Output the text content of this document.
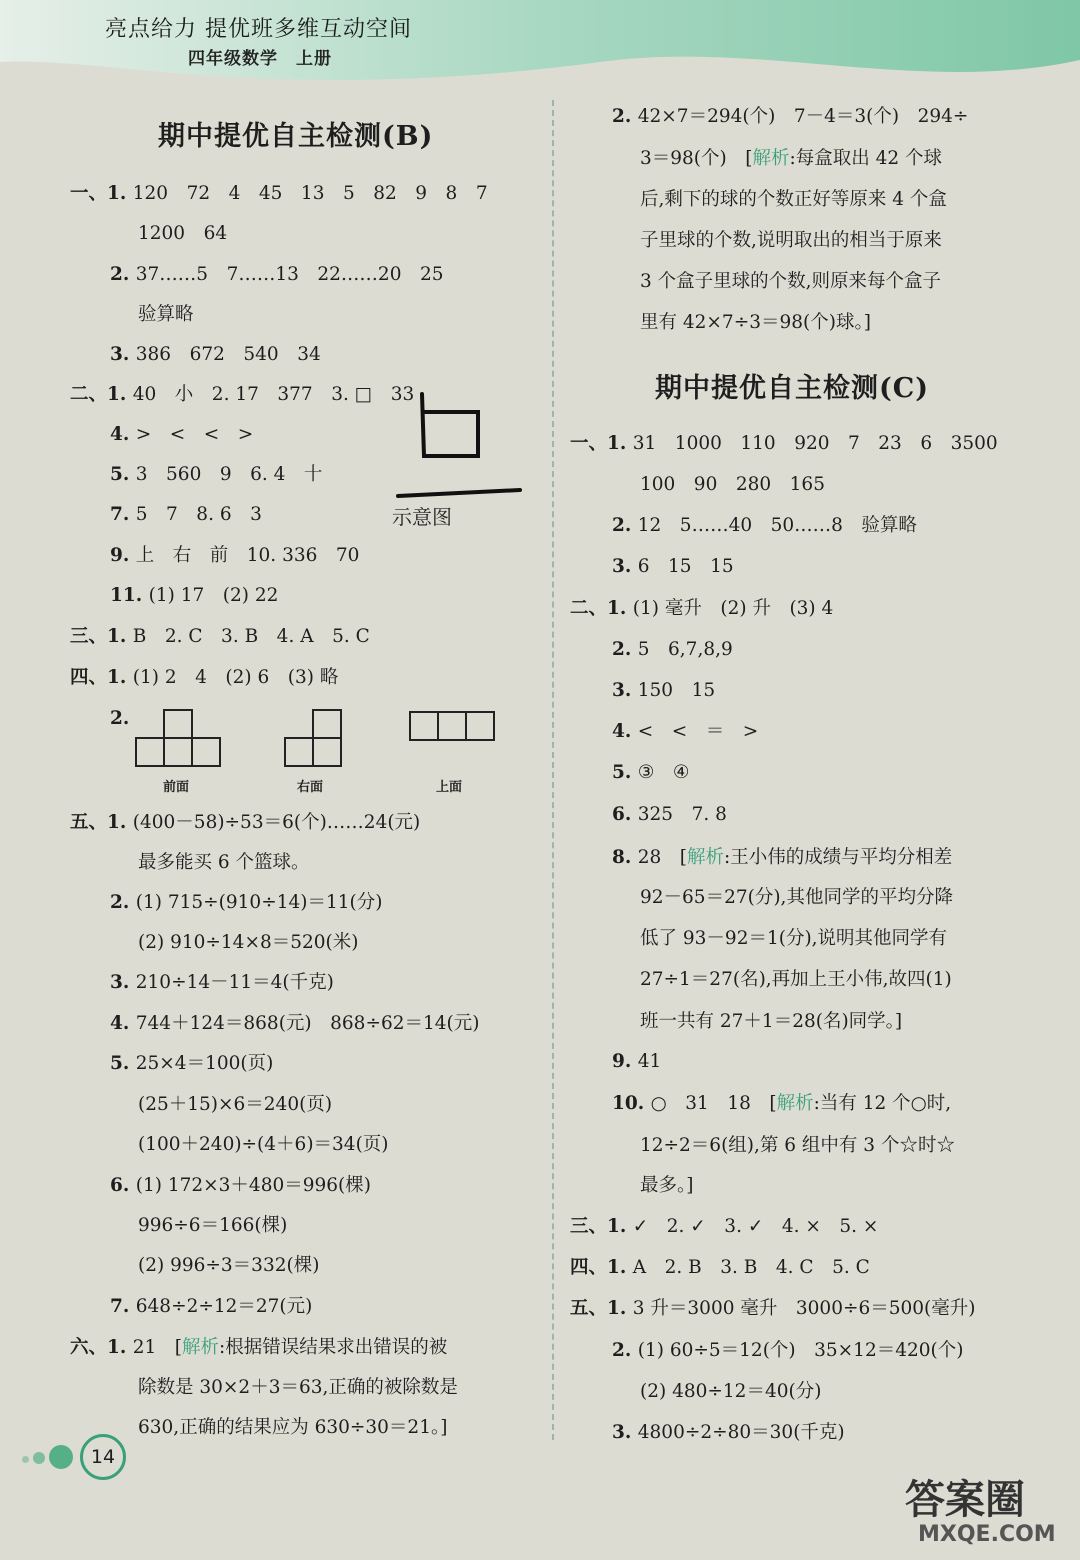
亮点给力 提优班多维互动空间
四年级数学　上册
期中提优自主检测(B)
一、1. 120　72　4　45　13　5　82　9　8　7
1200　64
2. 37……5　7……13　22……20　25
验算略
3. 386　672　540　34
二、1. 40　小　2. 17　377　3. □　33
4. >　<　<　>
5. 3　560　9　6. 4　十
7. 5　7　8. 6　3
9. 上　右　前　10. 336　70
11. (1) 17　(2) 22
三、1. B　2. C　3. B　4. A　5. C
四、1. (1) 2　4　(2) 6　(3) 略
2.
五、1. (400－58)÷53＝6(个)……24(元)
最多能买 6 个篮球。
2. (1) 715÷(910÷14)＝11(分)
(2) 910÷14×8＝520(米)
3. 210÷14－11＝4(千克)
4. 744＋124＝868(元)　868÷62＝14(元)
5. 25×4＝100(页)
(25＋15)×6＝240(页)
(100＋240)÷(4＋6)＝34(页)
6. (1) 172×3＋480＝996(棵)
996÷6＝166(棵)
(2) 996÷3＝332(棵)
7. 648÷2÷12＝27(元)
六、1. 21　[解析:根据错误结果求出错误的被
除数是 30×2＋3＝63,正确的被除数是
630,正确的结果应为 630÷30＝21。]
期中提优自主检测(C)
2. 42×7＝294(个)　7－4＝3(个)　294÷
3＝98(个)　[解析:每盒取出 42 个球
后,剩下的球的个数正好等原来 4 个盒
子里球的个数,说明取出的相当于原来
3 个盒子里球的个数,则原来每个盒子
里有 42×7÷3＝98(个)球。]
一、1. 31　1000　110　920　7　23　6　3500
100　90　280　165
2. 12　5……40　50……8　验算略
3. 6　15　15
二、1. (1) 毫升　(2) 升　(3) 4
2. 5　6,7,8,9
3. 150　15
4. <　<　＝　>
5. ③　④
6. 325　7. 8
8. 28　[解析:王小伟的成绩与平均分相差
92－65＝27(分),其他同学的平均分降
低了 93－92＝1(分),说明其他同学有
27÷1＝27(名),再加上王小伟,故四(1)
班一共有 27＋1＝28(名)同学。]
9. 41
10. ○　31　18　[解析:当有 12 个○时,
12÷2＝6(组),第 6 组中有 3 个☆时☆
最多。]
三、1. ✓　2. ✓　3. ✓　4. ×　5. ×
四、1. A　2. B　3. B　4. C　5. C
五、1. 3 升＝3000 毫升　3000÷6＝500(毫升)
2. (1) 60÷5＝12(个)　35×12＝420(个)
(2) 480÷12＝40(分)
3. 4800÷2÷80＝30(千克)
前面	右面	上面
示意图
14
答案圈
MXQE.COM
